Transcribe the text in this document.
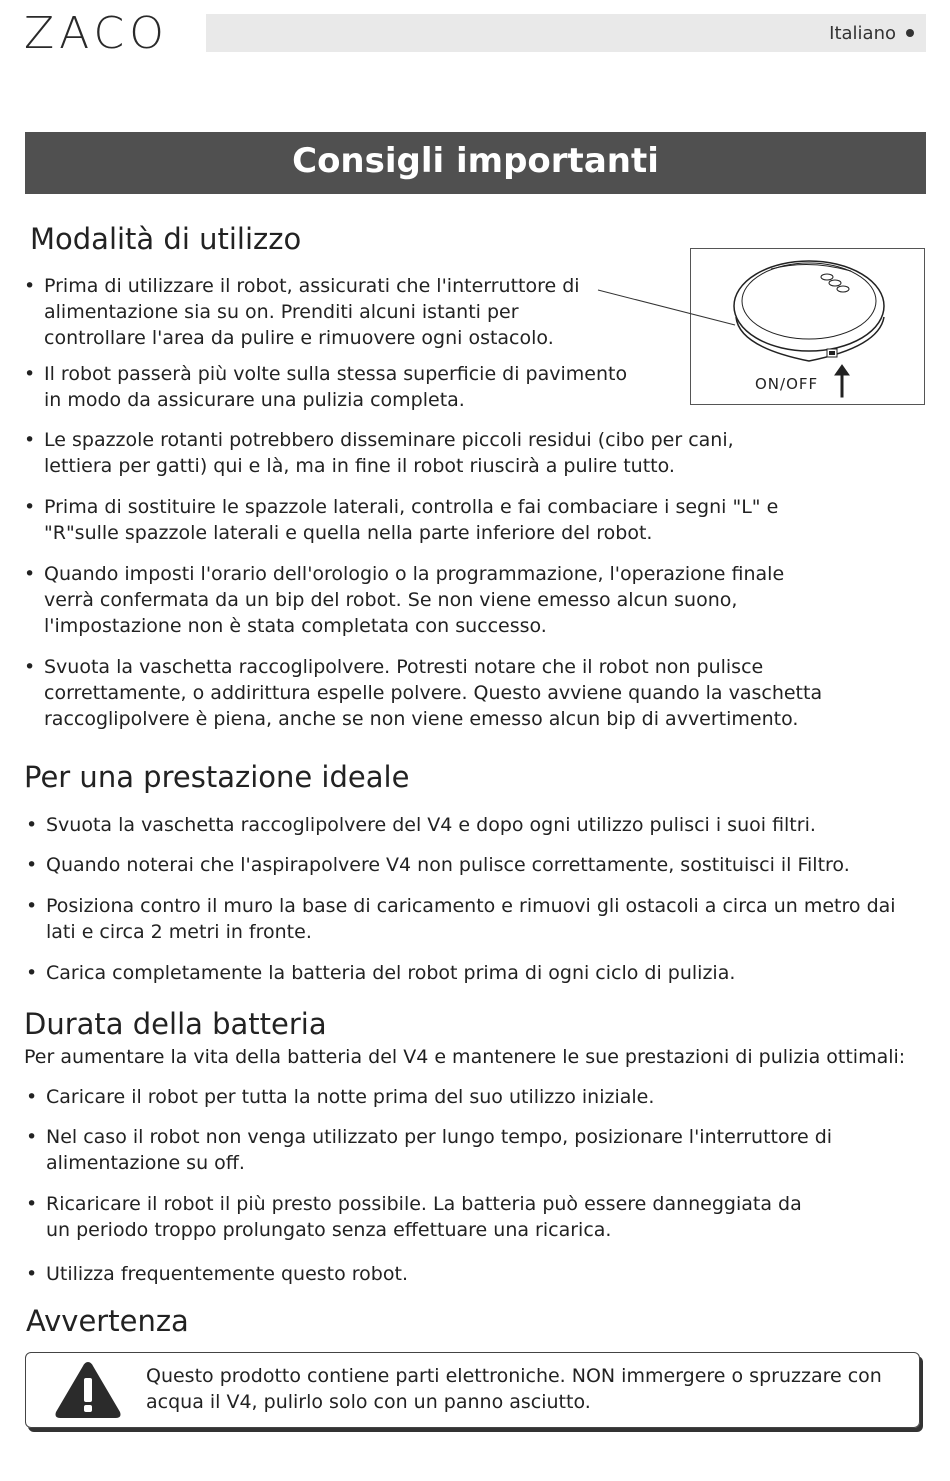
ZACO	Italiano
Consigli importanti
Modalità di utilizzo
• Prima di utilizzare il robot, assicurati che l'interruttore di
alimentazione sia su on. Prenditi alcuni istanti per
controllare l'area da pulire e rimuovere ogni ostacolo.
• Il robot passerà più volte sulla stessa superficie di pavimento
in modo da assicurare una pulizia completa.
• Le spazzole rotanti potrebbero disseminare piccoli residui (cibo per cani,
lettiera per gatti) qui e là, ma in fine il robot riuscirà a pulire tutto.
• Prima di sostituire le spazzole laterali, controlla e fai combaciare i segni "L" e
"R"sulle spazzole laterali e quella nella parte inferiore del robot.
• Quando imposti l'orario dell'orologio o la programmazione, l'operazione finale
verrà confermata da un bip del robot. Se non viene emesso alcun suono,
l'impostazione non è stata completata con successo.
• Svuota la vaschetta raccoglipolvere. Potresti notare che il robot non pulisce
correttamente, o addirittura espelle polvere. Questo avviene quando la vaschetta
raccoglipolvere è piena, anche se non viene emesso alcun bip di avvertimento.
ON/OFF
Per una prestazione ideale
• Svuota la vaschetta raccoglipolvere del V4 e dopo ogni utilizzo pulisci i suoi filtri.
• Quando noterai che l'aspirapolvere V4 non pulisce correttamente, sostituisci il Filtro.
• Posiziona contro il muro la base di caricamento e rimuovi gli ostacoli a circa un metro dai
lati e circa 2 metri in fronte.
• Carica completamente la batteria del robot prima di ogni ciclo di pulizia.
Durata della batteria
Per aumentare la vita della batteria del V4 e mantenere le sue prestazioni di pulizia ottimali:
• Caricare il robot per tutta la notte prima del suo utilizzo iniziale.
• Nel caso il robot non venga utilizzato per lungo tempo, posizionare l'interruttore di
alimentazione su off.
• Ricaricare il robot il più presto possibile. La batteria può essere danneggiata da
un periodo troppo prolungato senza effettuare una ricarica.
• Utilizza frequentemente questo robot.
Avvertenza
Questo prodotto contiene parti elettroniche. NON immergere o spruzzare con
acqua il V4, pulirlo solo con un panno asciutto.
